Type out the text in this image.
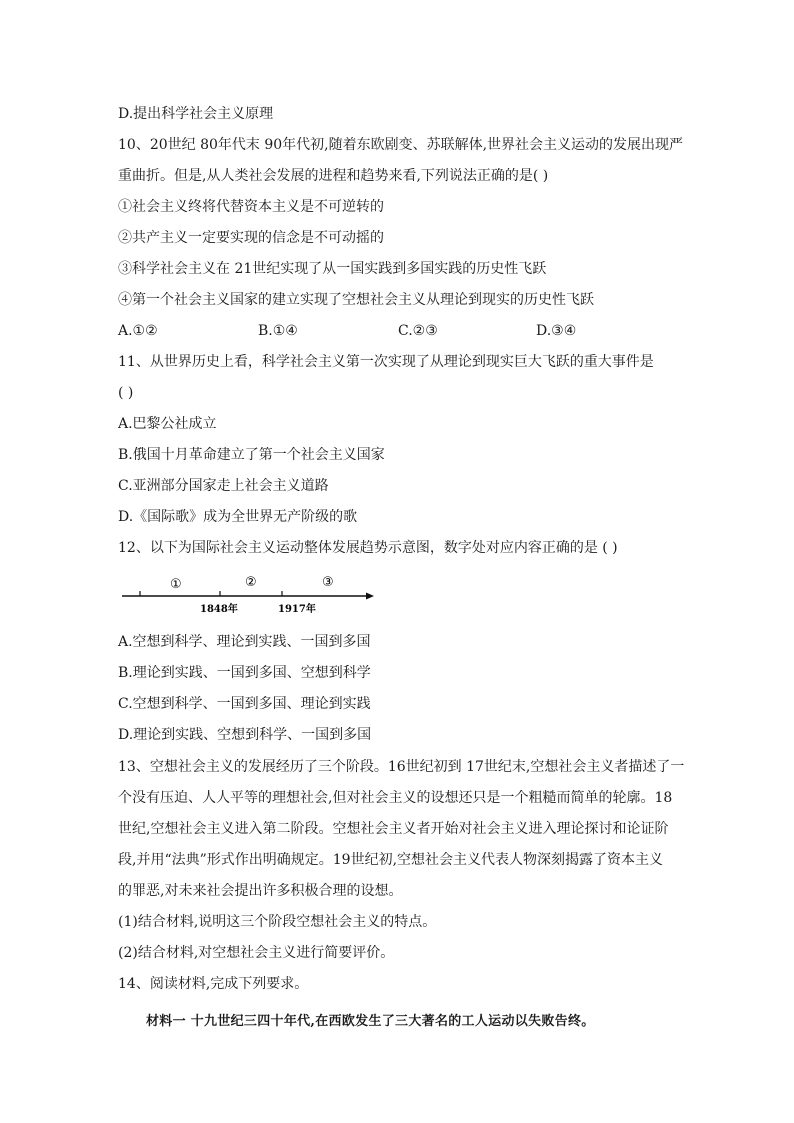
D.提出科学社会主义原理
10、20世纪 80年代末 90年代初,随着东欧剧变、苏联解体,世界社会主义运动的发展出现严
重曲折。但是,从人类社会发展的进程和趋势来看,下列说法正确的是( )
①社会主义终将代替资本主义是不可逆转的
②共产主义一定要实现的信念是不可动摇的
③科学社会主义在 21世纪实现了从一国实践到多国实践的历史性飞跃
④第一个社会主义国家的建立实现了空想社会主义从理论到现实的历史性飞跃
A.①②	B.①④	C.②③	D.③④
11、从世界历史上看，科学社会主义第一次实现了从理论到现实巨大飞跃的重大事件是
( )
A.巴黎公社成立
B.俄国十月革命建立了第一个社会主义国家
C.亚洲部分国家走上社会主义道路
D.《国际歌》成为全世界无产阶级的歌
12、以下为国际社会主义运动整体发展趋势示意图，数字处对应内容正确的是 ( )
①	②	③
1848年	1917年
A.空想到科学、理论到实践、一国到多国
B.理论到实践、一国到多国、空想到科学
C.空想到科学、一国到多国、理论到实践
D.理论到实践、空想到科学、一国到多国
13、空想社会主义的发展经历了三个阶段。16世纪初到 17世纪末,空想社会主义者描述了一
个没有压迫、人人平等的理想社会,但对社会主义的设想还只是一个粗糙而简单的轮廓。18
世纪,空想社会主义进入第二阶段。空想社会主义者开始对社会主义进入理论探讨和论证阶
段,并用“法典”形式作出明确规定。19世纪初,空想社会主义代表人物深刻揭露了资本主义
的罪恶,对未来社会提出许多积极合理的设想。
(1)结合材料,说明这三个阶段空想社会主义的特点。
(2)结合材料,对空想社会主义进行简要评价。
14、阅读材料,完成下列要求。
材料一 十九世纪三四十年代,在西欧发生了三大著名的工人运动以失败告终。
